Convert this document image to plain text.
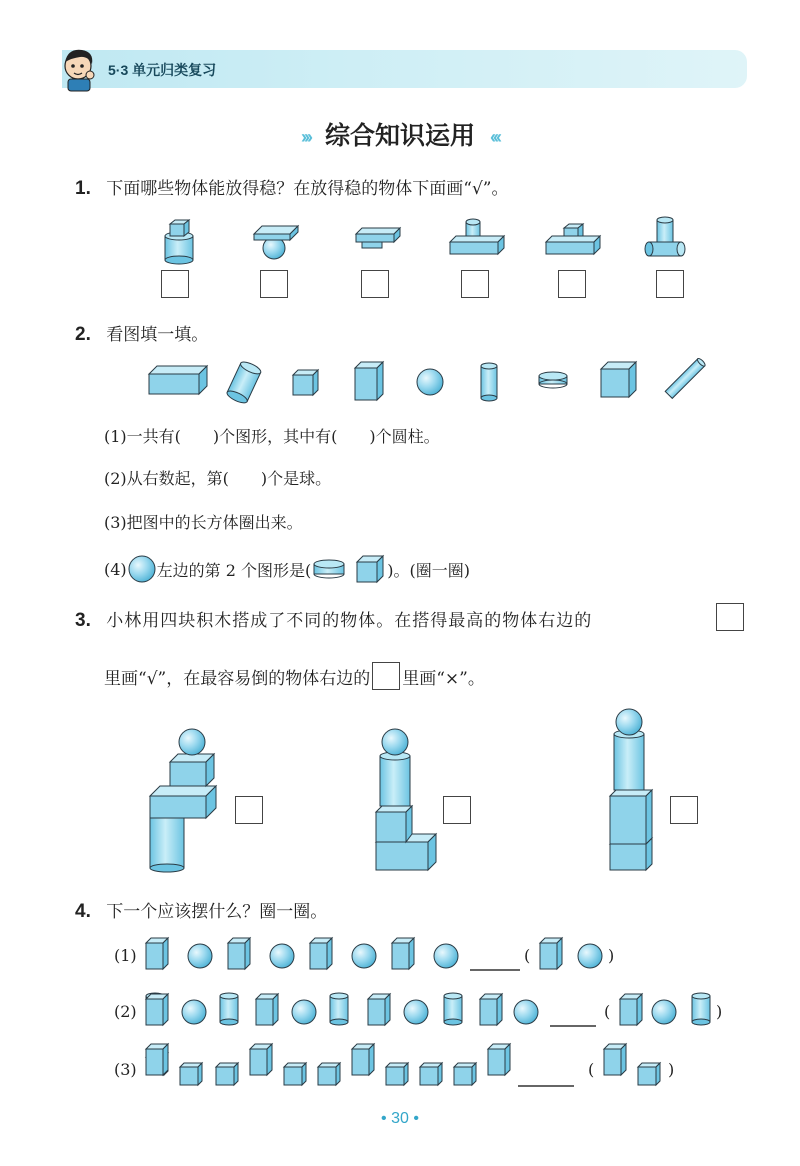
5·3 单元归类复习
››› 综合知识运用 ‹‹‹
1. 下面哪些物体能放得稳？在放得稳的物体下面画“√”。
2. 看图填一填。
(1)一共有(　　)个图形，其中有(　　)个圆柱。
(2)从右数起，第(　　)个是球。
(3)把图中的长方体圈出来。
(4) 左边的第 2 个图形是(	)。(圈一圈)
3. 小林用四块积木搭成了不同的物体。在搭得最高的物体右边的
里画“√”，在最容易倒的物体右边的 里画“×”。
4. 下一个应该摆什么？圈一圈。
(1)	(	)
(2)	(	)
(3)	(	)
• 30 •
